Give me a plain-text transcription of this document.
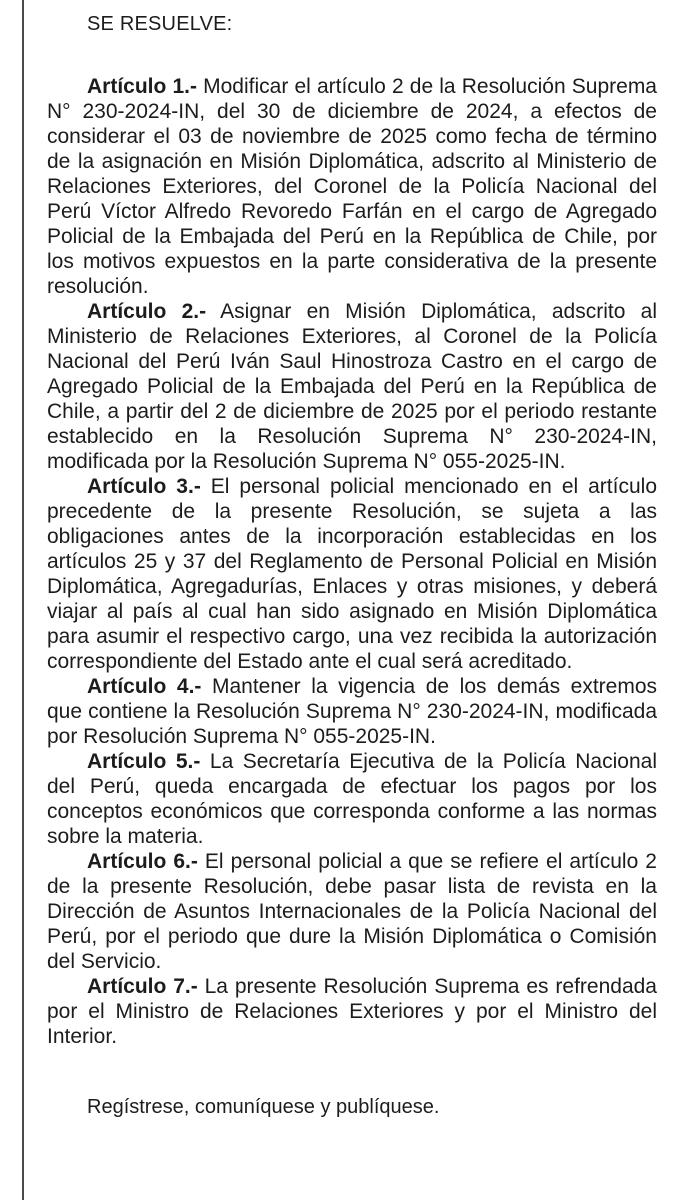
SE RESUELVE:

Artículo 1.- Modificar el artículo 2 de la Resolución Suprema N° 230-2024-IN, del 30 de diciembre de 2024, a efectos de considerar el 03 de noviembre de 2025 como fecha de término de la asignación en Misión Diplomática, adscrito al Ministerio de Relaciones Exteriores, del Coronel de la Policía Nacional del Perú Víctor Alfredo Revoredo Farfán en el cargo de Agregado Policial de la Embajada del Perú en la República de Chile, por los motivos expuestos en la parte considerativa de la presente resolución.

Artículo 2.- Asignar en Misión Diplomática, adscrito al Ministerio de Relaciones Exteriores, al Coronel de la Policía Nacional del Perú Iván Saul Hinostroza Castro en el cargo de Agregado Policial de la Embajada del Perú en la República de Chile, a partir del 2 de diciembre de 2025 por el periodo restante establecido en la Resolución Suprema N° 230-2024-IN, modificada por la Resolución Suprema N° 055-2025-IN.

Artículo 3.- El personal policial mencionado en el artículo precedente de la presente Resolución, se sujeta a las obligaciones antes de la incorporación establecidas en los artículos 25 y 37 del Reglamento de Personal Policial en Misión Diplomática, Agregadurías, Enlaces y otras misiones, y deberá viajar al país al cual han sido asignado en Misión Diplomática para asumir el respectivo cargo, una vez recibida la autorización correspondiente del Estado ante el cual será acreditado.

Artículo 4.- Mantener la vigencia de los demás extremos que contiene la Resolución Suprema N° 230-2024-IN, modificada por Resolución Suprema N° 055-2025-IN.

Artículo 5.- La Secretaría Ejecutiva de la Policía Nacional del Perú, queda encargada de efectuar los pagos por los conceptos económicos que corresponda conforme a las normas sobre la materia.

Artículo 6.- El personal policial a que se refiere el artículo 2 de la presente Resolución, debe pasar lista de revista en la Dirección de Asuntos Internacionales de la Policía Nacional del Perú, por el periodo que dure la Misión Diplomática o Comisión del Servicio.

Artículo 7.- La presente Resolución Suprema es refrendada por el Ministro de Relaciones Exteriores y por el Ministro del Interior.

Regístrese, comuníquese y publíquese.
